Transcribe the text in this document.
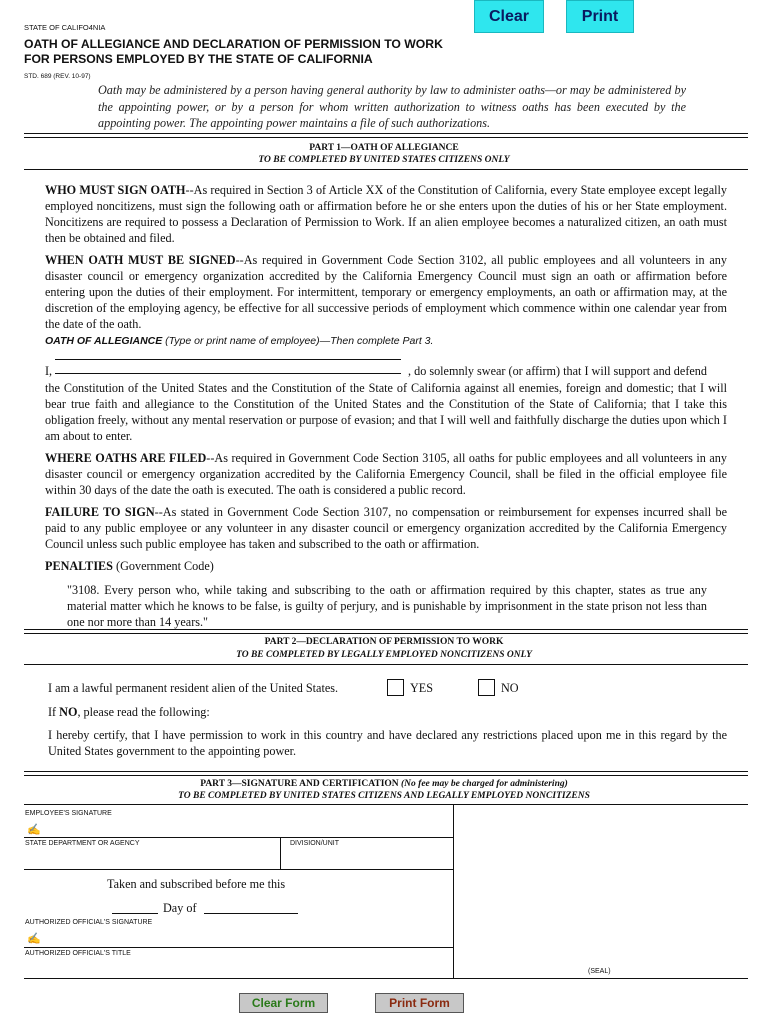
Clear	Print
STATE OF CALIFO4NIA
OATH OF ALLEGIANCE AND DECLARATION OF PERMISSION TO WORK
FOR PERSONS EMPLOYED BY THE STATE OF CALIFORNIA
STD. 689 (REV. 10-97)
Oath may be administered by a person having general authority by law to administer oaths—or may be administered by the appointing power, or by a person for whom written authorization to witness oaths has been executed by the appointing power. The appointing power maintains a file of such authorizations.
PART 1—OATH OF ALLEGIANCE
TO BE COMPLETED BY UNITED STATES CITIZENS ONLY
WHO MUST SIGN OATH--As required in Section 3 of Article XX of the Constitution of California, every State employee except legally employed noncitizens, must sign the following oath or affirmation before he or she enters upon the duties of his or her State employment. Noncitizens are required to possess a Declaration of Permission to Work. If an alien employee becomes a naturalized citizen, an oath must then be obtained and filed.
WHEN OATH MUST BE SIGNED--As required in Government Code Section 3102, all public employees and all volunteers in any disaster council or emergency organization accredited by the California Emergency Council must sign an oath or affirmation before entering upon the duties of their employment. For intermittent, temporary or emergency employments, an oath or affirmation may, at the discretion of the employing agency, be effective for all successive periods of employment which commence within one calendar year from the date of the oath.
OATH OF ALLEGIANCE (Type or print name of employee)—Then complete Part 3.
I,	, do solemnly swear (or affirm) that I will support and defend
the Constitution of the United States and the Constitution of the State of California against all enemies, foreign and domestic; that I will bear true faith and allegiance to the Constitution of the United States and the Constitution of the State of California; that I take this obligation freely, without any mental reservation or purpose of evasion; and that I will well and faithfully discharge the duties upon which I am about to enter.
WHERE OATHS ARE FILED--As required in Government Code Section 3105, all oaths for public employees and all volunteers in any disaster council or emergency organization accredited by the California Emergency Council, shall be filed in the official employee file within 30 days of the date the oath is executed. The oath is considered a public record.
FAILURE TO SIGN--As stated in Government Code Section 3107, no compensation or reimbursement for expenses incurred shall be paid to any public employee or any volunteer in any disaster council or emergency organization accredited by the California Emergency Council unless such public employee has taken and subscribed to the oath or affirmation.
PENALTIES (Government Code)
"3108. Every person who, while taking and subscribing to the oath or affirmation required by this chapter, states as true any material matter which he knows to be false, is guilty of perjury, and is punishable by imprisonment in the state prison not less than one nor more than 14 years."
PART 2—DECLARATION OF PERMISSION TO WORK
TO BE COMPLETED BY LEGALLY EMPLOYED NONCITIZENS ONLY
I am a lawful permanent resident alien of the United States.	YES	NO
If NO, please read the following:
I hereby certify, that I have permission to work in this country and have declared any restrictions placed upon me in this regard by the United States government to the appointing power.
PART 3—SIGNATURE AND CERTIFICATION (No fee may be charged for administering)
TO BE COMPLETED BY UNITED STATES CITIZENS AND LEGALLY EMPLOYED NONCITIZENS
EMPLOYEE'S SIGNATURE
✍
STATE DEPARTMENT OR AGENCY	DIVISION/UNIT
Taken and subscribed before me this
Day of
AUTHORIZED OFFICIAL'S SIGNATURE
✍
AUTHORIZED OFFICIAL'S TITLE
(SEAL)
Clear Form	Print Form
